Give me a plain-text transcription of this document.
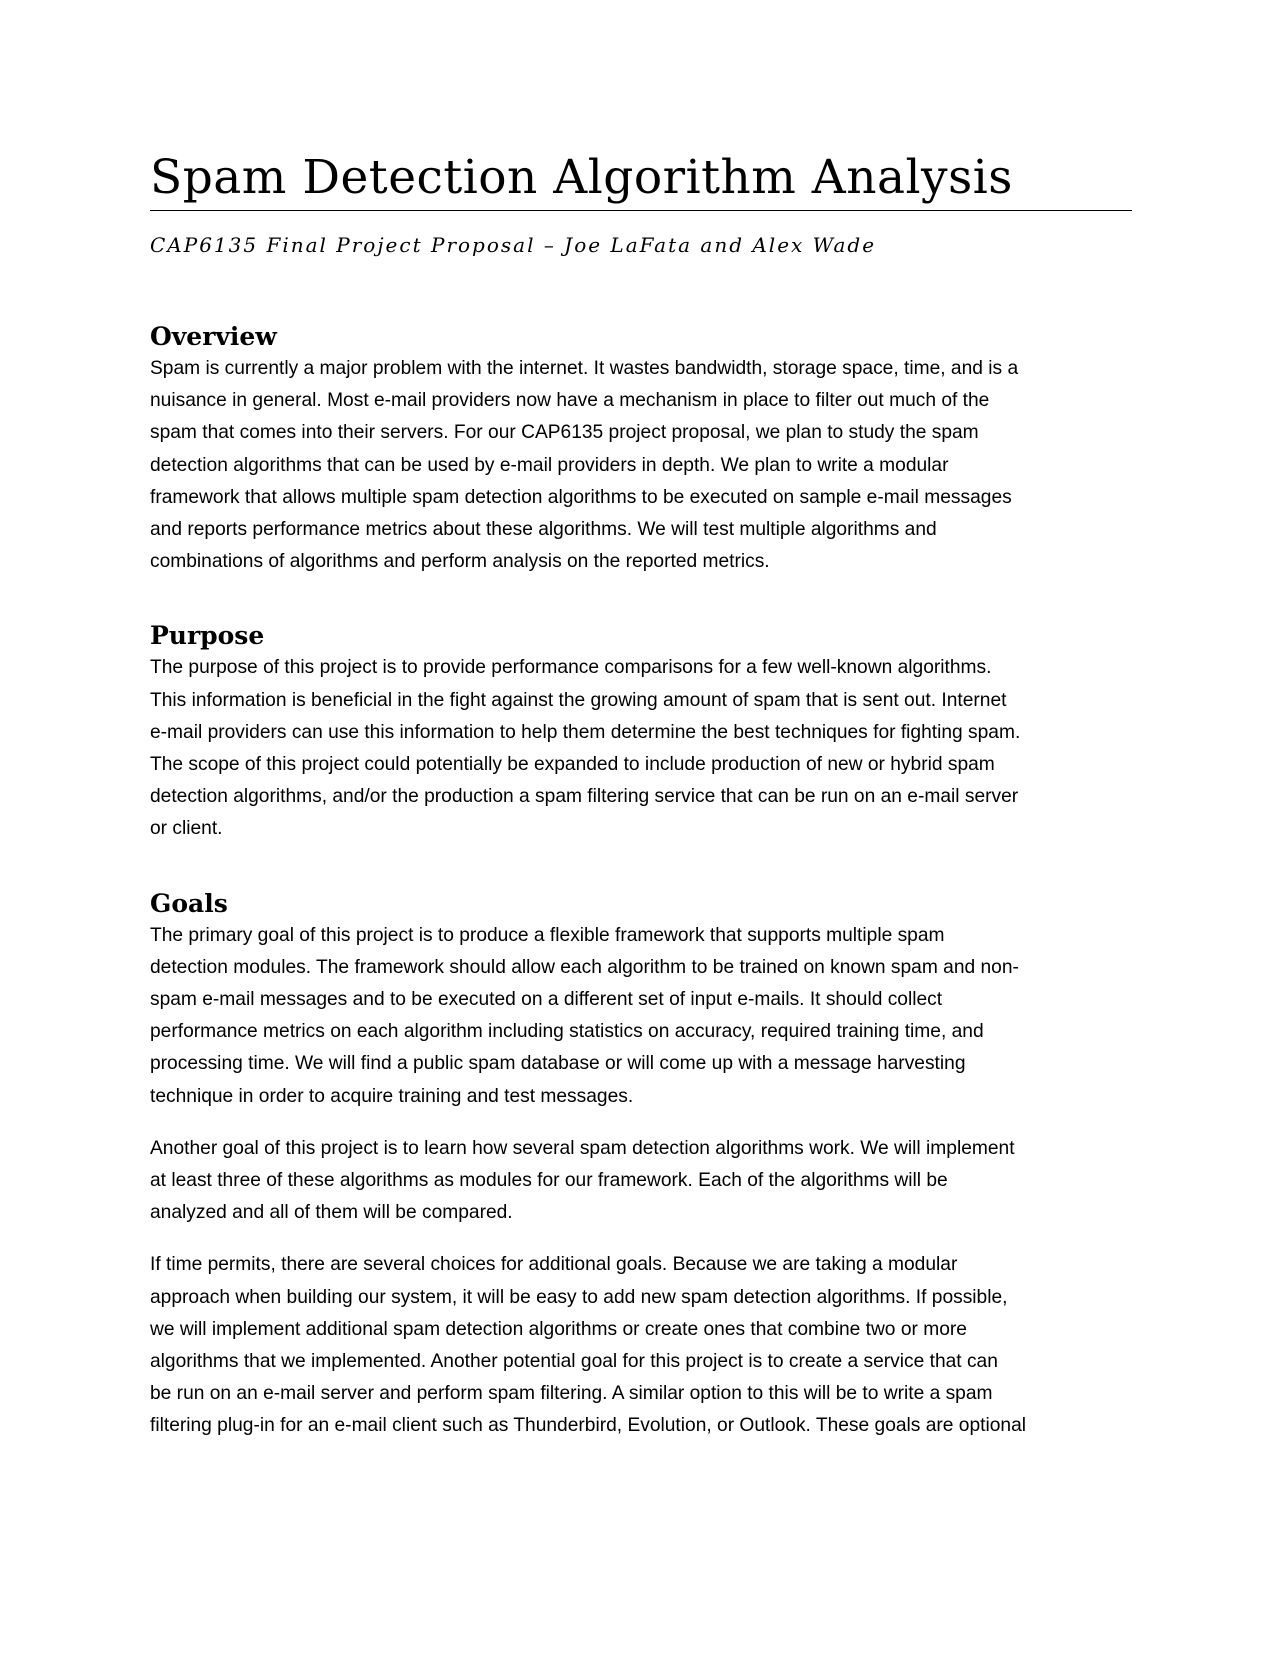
Spam Detection Algorithm Analysis
CAP6135 Final Project Proposal – Joe LaFata and Alex Wade
Overview

Spam is currently a major problem with the internet. It wastes bandwidth, storage space, time, and is a
nuisance in general. Most e-mail providers now have a mechanism in place to filter out much of the
spam that comes into their servers. For our CAP6135 project proposal, we plan to study the spam
detection algorithms that can be used by e-mail providers in depth. We plan to write a modular
framework that allows multiple spam detection algorithms to be executed on sample e-mail messages
and reports performance metrics about these algorithms. We will test multiple algorithms and
combinations of algorithms and perform analysis on the reported metrics.

Purpose

The purpose of this project is to provide performance comparisons for a few well-known algorithms.
This information is beneficial in the fight against the growing amount of spam that is sent out. Internet
e-mail providers can use this information to help them determine the best techniques for fighting spam.
The scope of this project could potentially be expanded to include production of new or hybrid spam
detection algorithms, and/or the production a spam filtering service that can be run on an e-mail server
or client.

Goals

The primary goal of this project is to produce a flexible framework that supports multiple spam
detection modules. The framework should allow each algorithm to be trained on known spam and non-
spam e-mail messages and to be executed on a different set of input e-mails. It should collect
performance metrics on each algorithm including statistics on accuracy, required training time, and
processing time. We will find a public spam database or will come up with a message harvesting
technique in order to acquire training and test messages.

Another goal of this project is to learn how several spam detection algorithms work. We will implement
at least three of these algorithms as modules for our framework. Each of the algorithms will be
analyzed and all of them will be compared.

If time permits, there are several choices for additional goals. Because we are taking a modular
approach when building our system, it will be easy to add new spam detection algorithms. If possible,
we will implement additional spam detection algorithms or create ones that combine two or more
algorithms that we implemented. Another potential goal for this project is to create a service that can
be run on an e-mail server and perform spam filtering. A similar option to this will be to write a spam
filtering plug-in for an e-mail client such as Thunderbird, Evolution, or Outlook. These goals are optional
